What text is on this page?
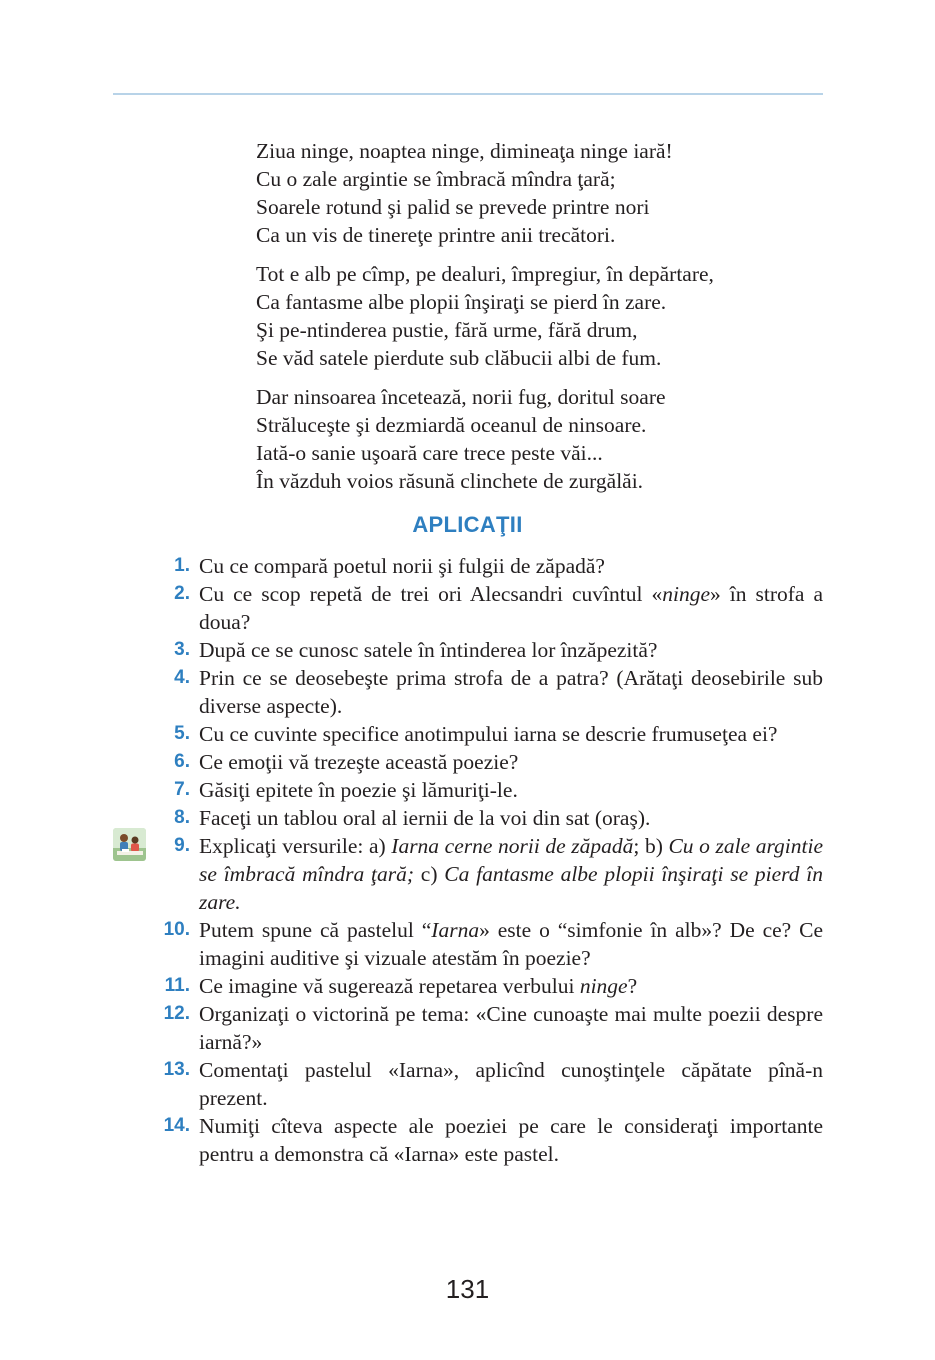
Ziua ninge, noaptea ninge, dimineaţa ninge iară!
Cu o zale argintie se îmbracă mîndra ţară;
Soarele rotund şi palid se prevede printre nori
Ca un vis de tinereţe printre anii trecători.
Tot e alb pe cîmp, pe dealuri, împregiur, în depărtare,
Ca fantasme albe plopii înşiraţi se pierd în zare.
Şi pe-ntinderea pustie, fără urme, fără drum,
Se văd satele pierdute sub clăbucii albi de fum.
Dar ninsoarea încetează, norii fug, doritul soare
Străluceşte şi dezmiardă oceanul de ninsoare.
Iată-o sanie uşoară care trece peste văi...
În văzduh voios răsună clinchete de zurgălăi.
APLICAŢII
1. Cu ce compară poetul norii şi fulgii de zăpadă?
2. Cu ce scop repetă de trei ori Alecsandri cuvîntul «ninge» în strofa a doua?
3. După ce se cunosc satele în întinderea lor înzăpezită?
4. Prin ce se deosebeşte prima strofa de a patra? (Arătaţi deosebirile sub diverse aspecte).
5. Cu ce cuvinte specifice anotimpului iarna se descrie frumuseţea ei?
6. Ce emoţii vă trezeşte această poezie?
7. Găsiţi epitete în poezie şi lămuriţi-le.
8. Faceţi un tablou oral al iernii de la voi din sat (oraş).
9. Explicaţi versurile: a) Iarna cerne norii de zăpadă; b) Cu o zale argintie se îmbracă mîndra ţară; c) Ca fantasme albe plopii înşiraţi se pierd în zare.
10. Putem spune că pastelul “Iarna» este o “simfonie în alb»? De ce? Ce imagini auditive şi vizuale atestăm în poezie?
11. Ce imagine vă sugerează repetarea verbului ninge?
12. Organizaţi o victorină pe tema: «Cine cunoaşte mai multe poezii despre iarnă?»
13. Comentaţi pastelul «Iarna», aplicînd cunoştinţele căpătate pînă-n prezent.
14. Numiţi cîteva aspecte ale poeziei pe care le consideraţi importante pentru a demonstra că «Iarna» este pastel.
131
